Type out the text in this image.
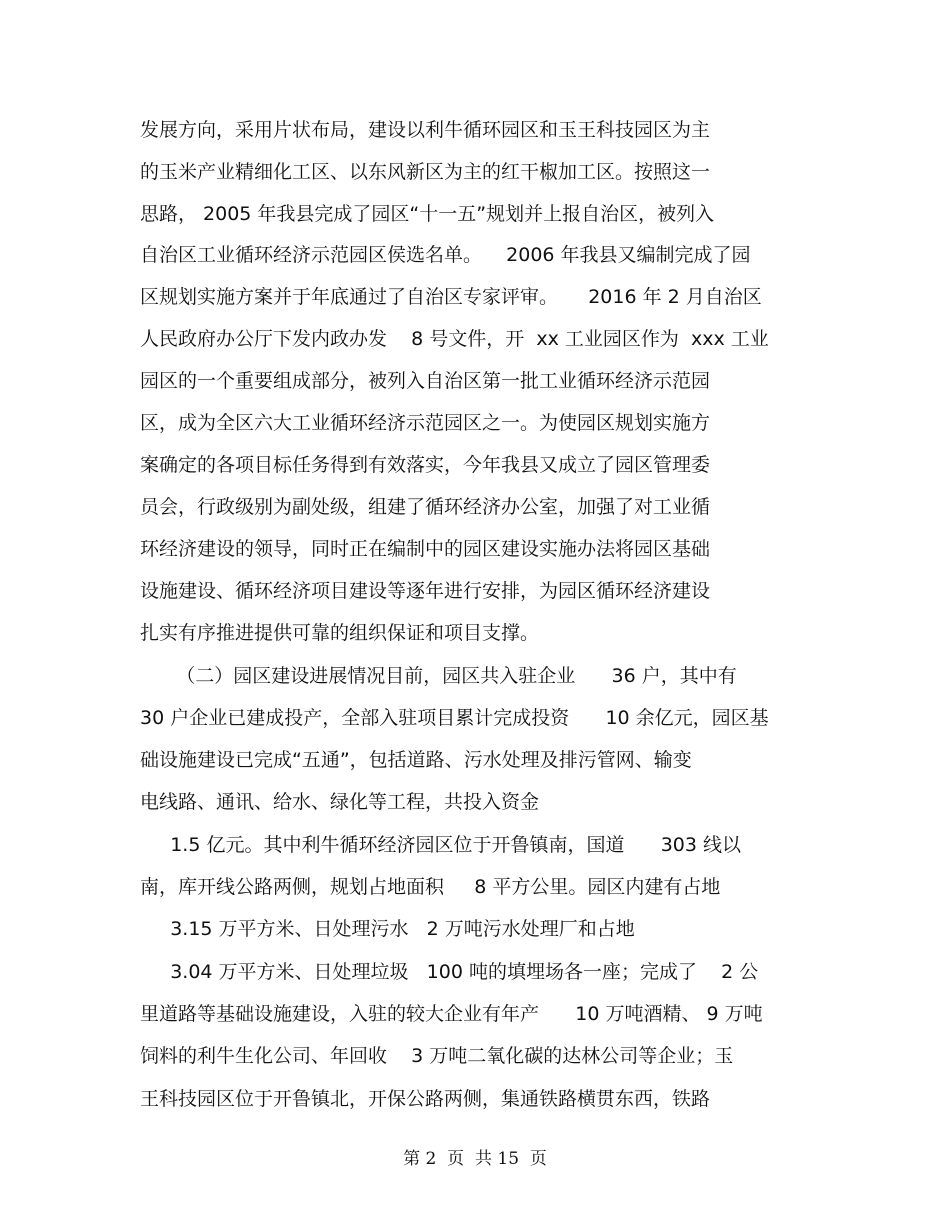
发展方向，采用片状布局，建设以利牛循环园区和玉王科技园区为主
的玉米产业精细化工区、以东风新区为主的红干椒加工区。按照这一
思路， 2005 年我县完成了园区“十一五”规划并上报自治区，被列入
自治区工业循环经济示范园区侯选名单。    2006 年我县又编制完成了园
区规划实施方案并于年底通过了自治区专家评审。     2016 年 2 月自治区
人民政府办公厅下发内政办发    8 号文件，开  xx 工业园区作为  xxx 工业
园区的一个重要组成部分，被列入自治区第一批工业循环经济示范园
区，成为全区六大工业循环经济示范园区之一。为使园区规划实施方
案确定的各项目标任务得到有效落实，今年我县又成立了园区管理委
员会，行政级别为副处级，组建了循环经济办公室，加强了对工业循
环经济建设的领导，同时正在编制中的园区建设实施办法将园区基础
设施建设、循环经济项目建设等逐年进行安排，为园区循环经济建设
扎实有序推进提供可靠的组织保证和项目支撑。
（二）园区建设进展情况目前，园区共入驻企业      36 户，其中有
30 户企业已建成投产，全部入驻项目累计完成投资      10 余亿元，园区基
础设施建设已完成“五通”，包括道路、污水处理及排污管网、输变
电线路、通讯、给水、绿化等工程，共投入资金
1.5 亿元。其中利牛循环经济园区位于开鲁镇南，国道      303 线以
南，库开线公路两侧，规划占地面积     8 平方公里。园区内建有占地
3.15 万平方米、日处理污水   2 万吨污水处理厂和占地
3.04 万平方米、日处理垃圾   100 吨的填埋场各一座；完成了    2 公
里道路等基础设施建设，入驻的较大企业有年产      10 万吨酒精、 9 万吨
饲料的利牛生化公司、年回收    3 万吨二氧化碳的达林公司等企业；玉
王科技园区位于开鲁镇北，开保公路两侧，集通铁路横贯东西，铁路
第 2  页  共 15  页
